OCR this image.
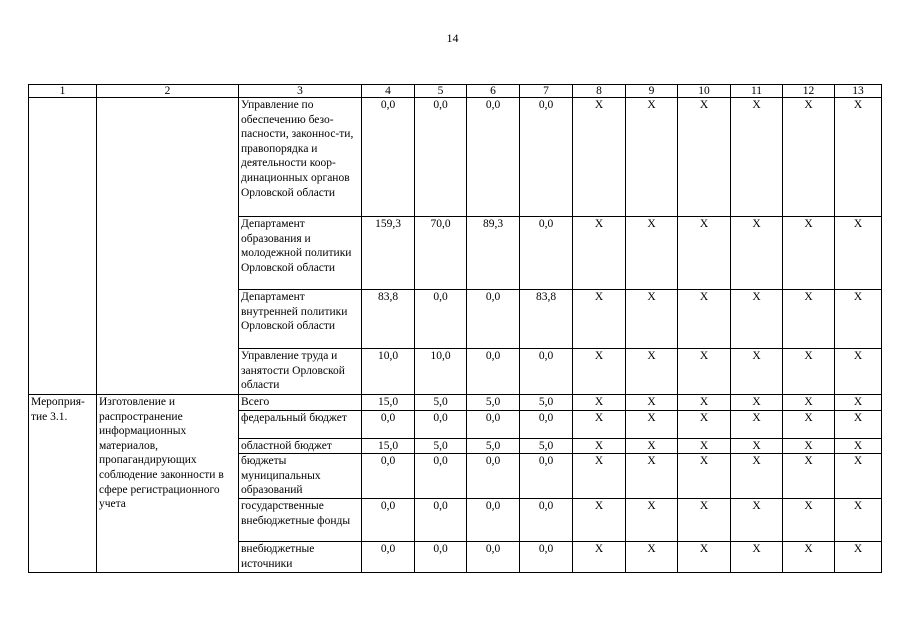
14
1	2	3	4	5	6	7	8	9	10	11	12	13
		Управление по обеспечению безо-пасности, законнос-ти, правопорядка и деятельности коор-динационных органов Орловской области	0,0	0,0	0,0	0,0	Х	Х	Х	Х	Х	Х
		Департамент образования и молодежной политики Орловской области	159,3	70,0	89,3	0,0	Х	Х	Х	Х	Х	Х
		Департамент внутренней политики Орловской области	83,8	0,0	0,0	83,8	Х	Х	Х	Х	Х	Х
		Управление труда и занятости Орловской области	10,0	10,0	0,0	0,0	Х	Х	Х	Х	Х	Х
Мероприя-тие 3.1.	Изготовление и распространение информационных материалов, пропагандирующих соблюдение законности в сфере регистрационного учета	Всего	15,0	5,0	5,0	5,0	Х	Х	Х	Х	Х	Х
		федеральный бюджет	0,0	0,0	0,0	0,0	Х	Х	Х	Х	Х	Х
		областной бюджет	15,0	5,0	5,0	5,0	Х	Х	Х	Х	Х	Х
		бюджеты муниципальных образований	0,0	0,0	0,0	0,0	Х	Х	Х	Х	Х	Х
		государственные внебюджетные фонды	0,0	0,0	0,0	0,0	Х	Х	Х	Х	Х	Х
		внебюджетные источники	0,0	0,0	0,0	0,0	Х	Х	Х	Х	Х	Х
